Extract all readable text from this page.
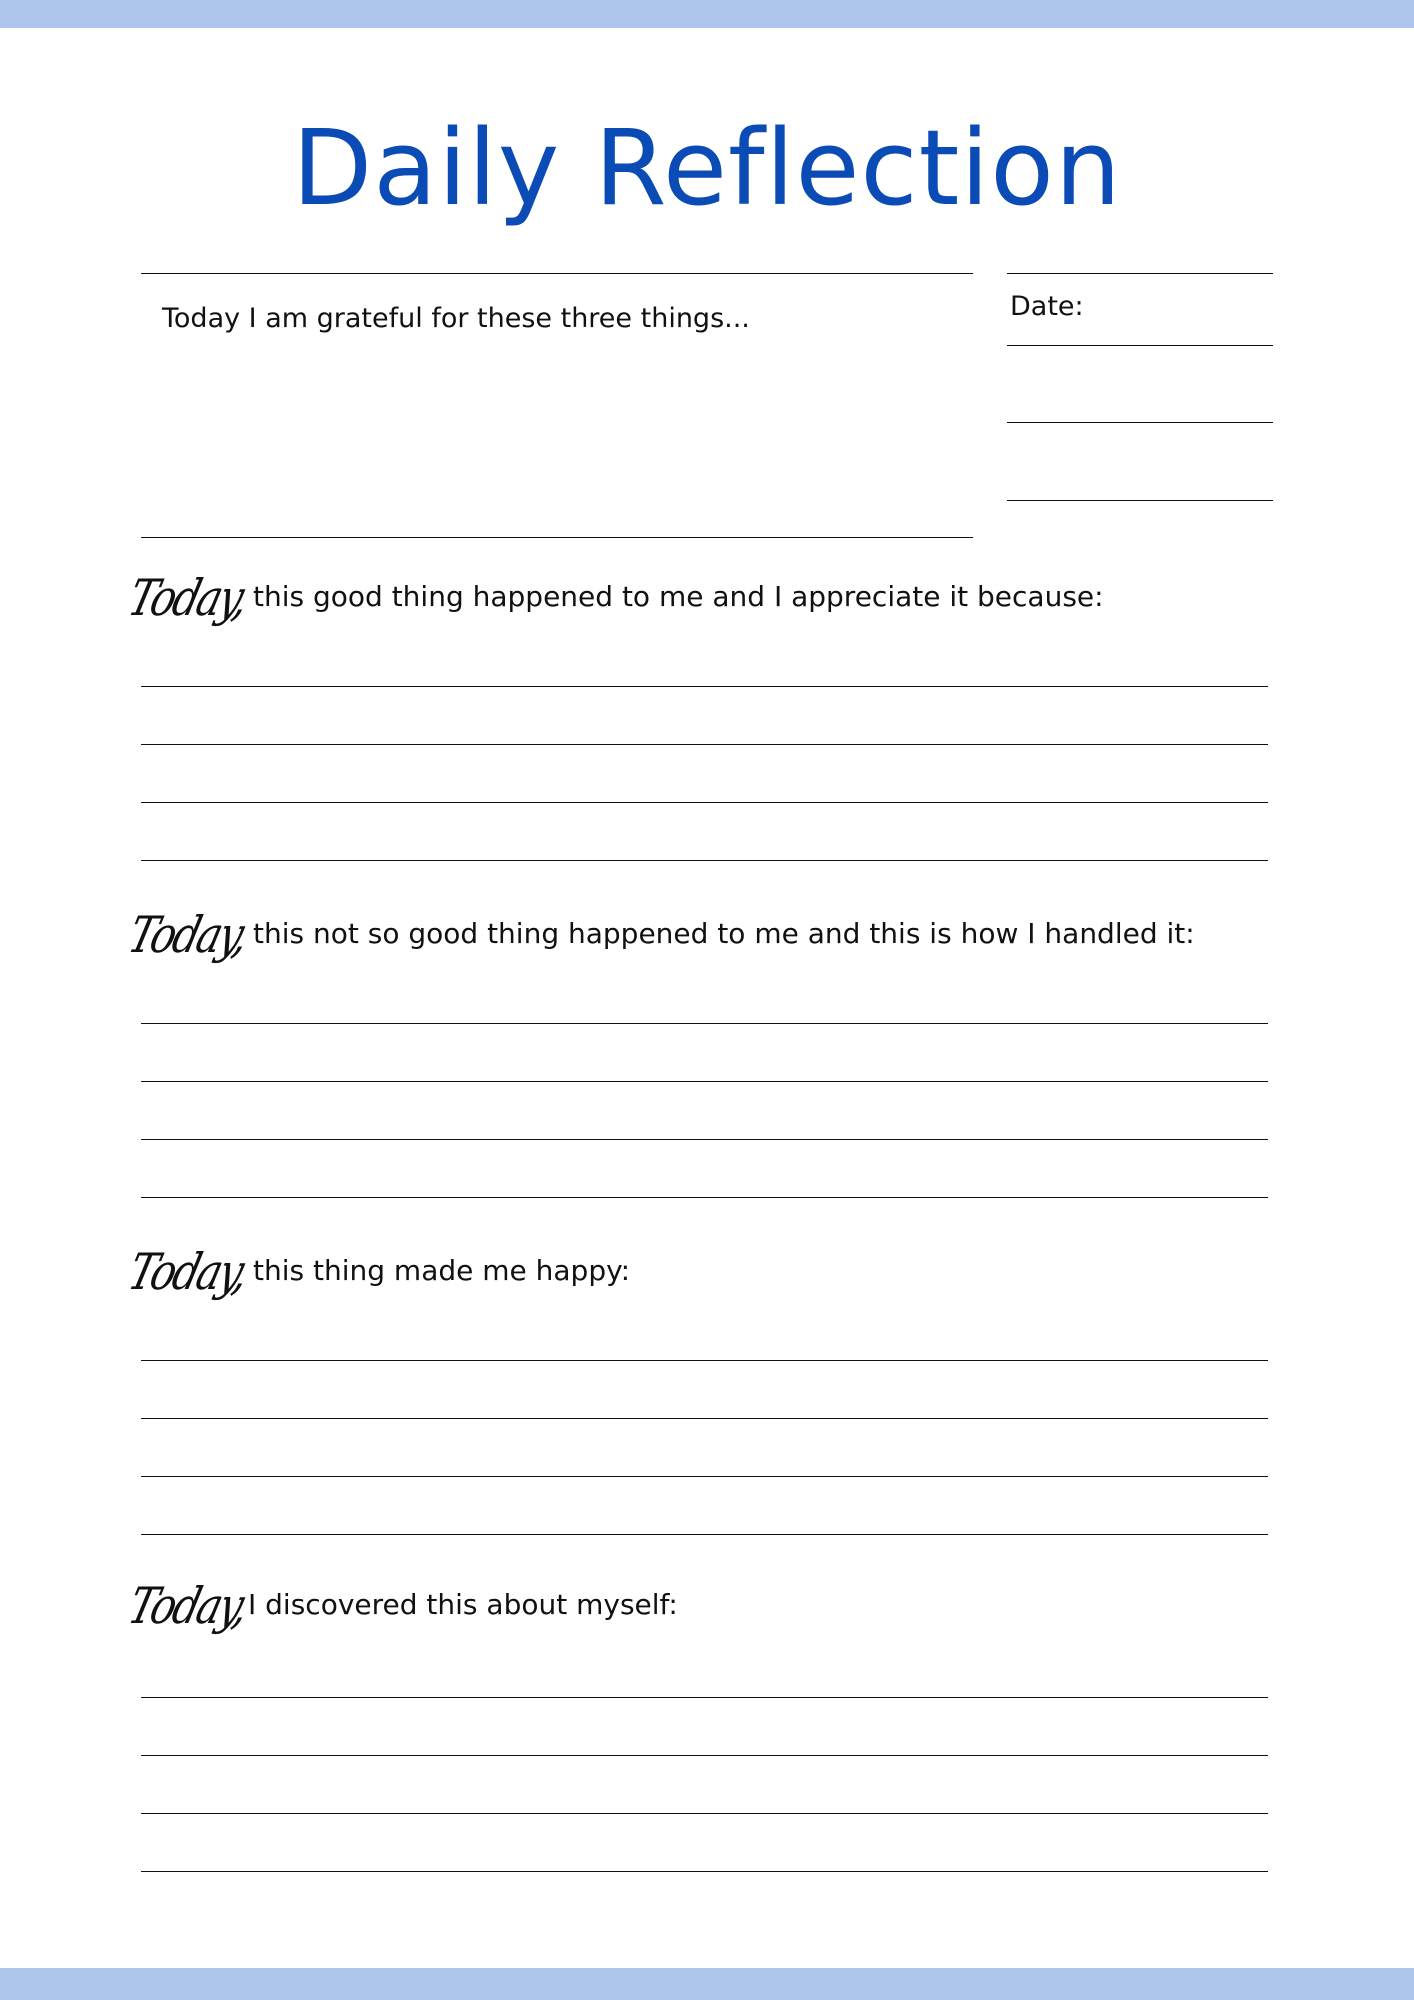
Daily Reflection
Today I am grateful for these three things...	Date:
Today, this good thing happened to me and I appreciate it because:
Today, this not so good thing happened to me and this is how I handled it:
Today, this thing made me happy:
Today,
I discovered this about myself:
